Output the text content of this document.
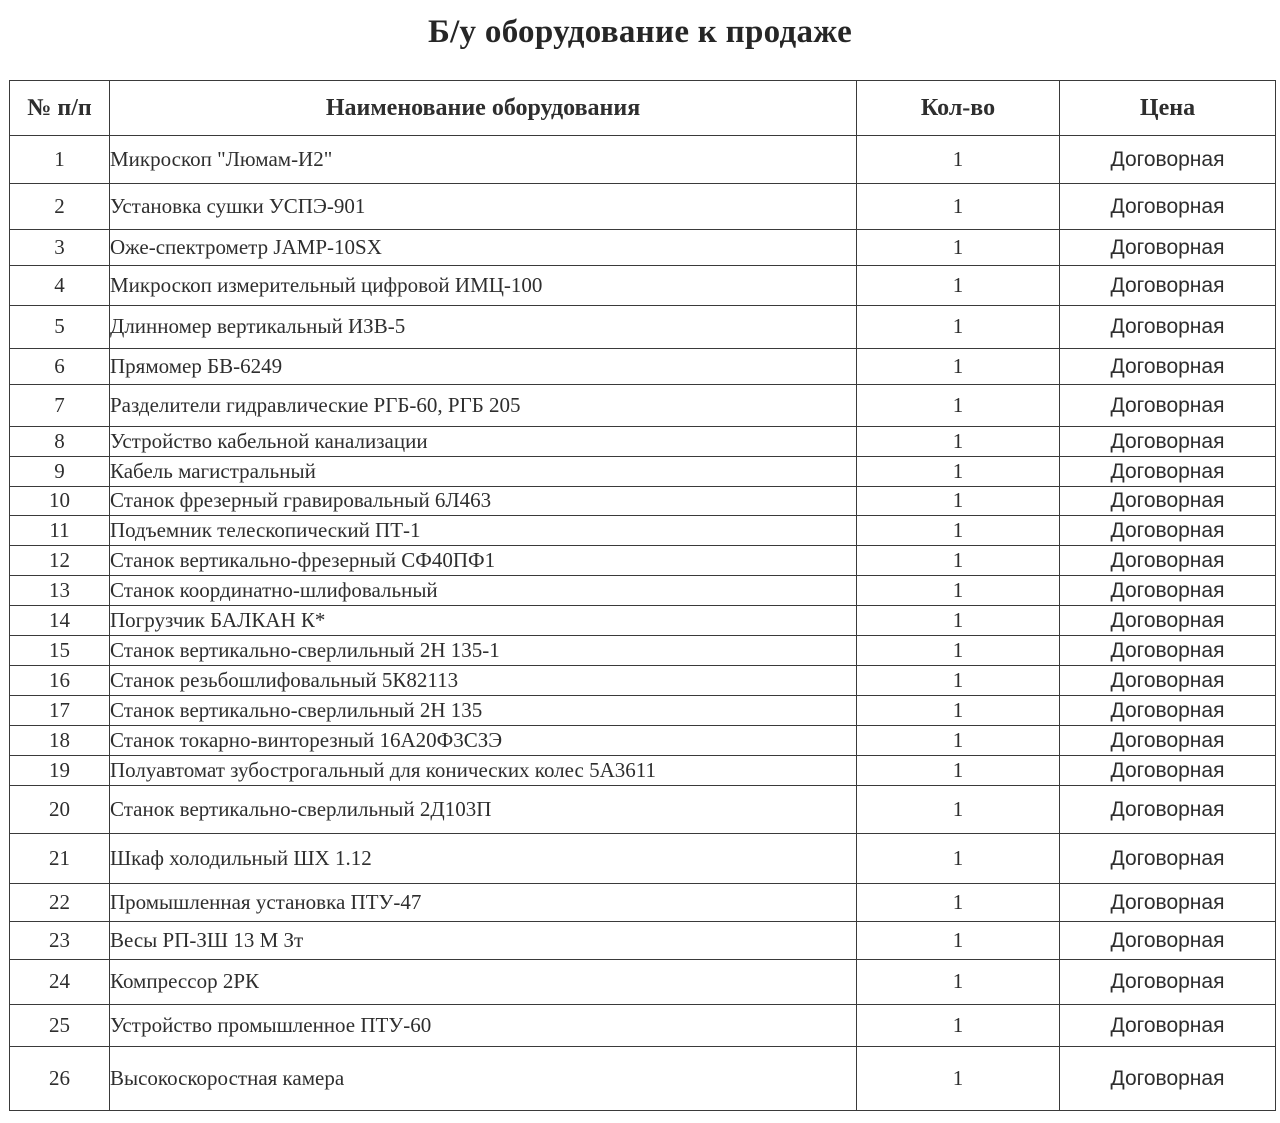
Б/у оборудование к продаже
№ п/п	Наименование оборудования	Кол-во	Цена
1	Микроскоп "Люмам-И2"	1	Договорная
2	Установка сушки УСПЭ-901	1	Договорная
3	Оже-спектрометр JAMP-10SX	1	Договорная
4	Микроскоп измерительный цифровой ИМЦ-100	1	Договорная
5	Длинномер вертикальный ИЗВ-5	1	Договорная
6	Прямомер БВ-6249	1	Договорная
7	Разделители гидравлические РГБ-60, РГБ 205	1	Договорная
8	Устройство кабельной канализации	1	Договорная
9	Кабель магистральный	1	Договорная
10	Станок фрезерный гравировальный 6Л463	1	Договорная
11	Подъемник телескопический ПТ-1	1	Договорная
12	Станок вертикально-фрезерный СФ40ПФ1	1	Договорная
13	Станок координатно-шлифовальный	1	Договорная
14	Погрузчик БАЛКАН К*	1	Договорная
15	Станок вертикально-сверлильный 2Н 135-1	1	Договорная
16	Станок резьбошлифовальный 5К82113	1	Договорная
17	Станок вертикально-сверлильный 2Н 135	1	Договорная
18	Станок токарно-винторезный 16А20Ф3СЗЭ	1	Договорная
19	Полуавтомат зубострогальный для конических колес 5А3611	1	Договорная
20	Станок вертикально-сверлильный 2Д103П	1	Договорная
21	Шкаф холодильный ШХ 1.12	1	Договорная
22	Промышленная установка ПТУ-47	1	Договорная
23	Весы РП-ЗШ 13 М Зт	1	Договорная
24	Компрессор 2РК	1	Договорная
25	Устройство промышленное ПТУ-60	1	Договорная
26	Высокоскоростная камера	1	Договорная
